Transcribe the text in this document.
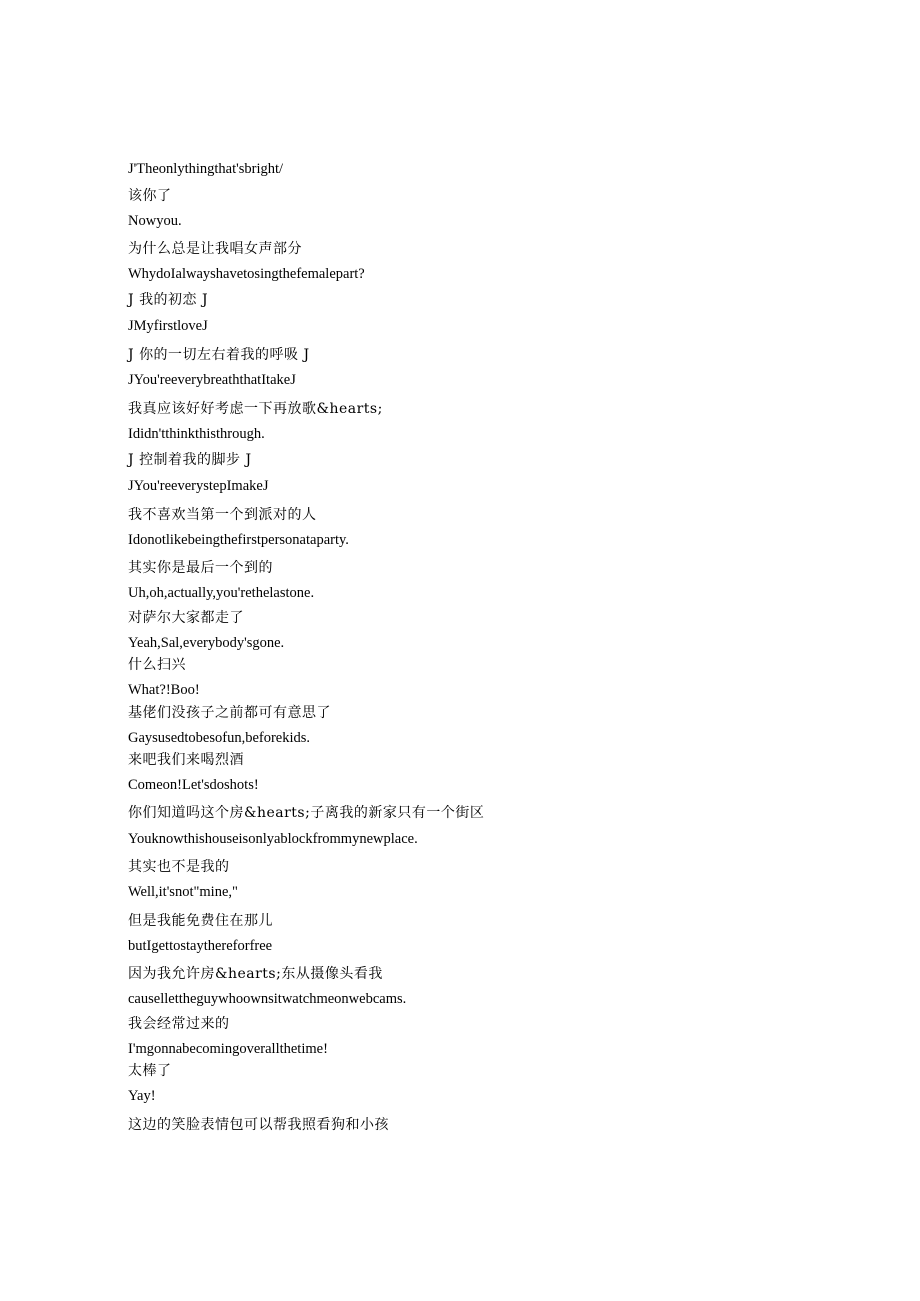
J'Theonlythingthat'sbright/
该你了
Nowyou.
为什么总是让我唱女声部分
WhydoIalwayshavetosingthefemalepart?
J 我的初恋 J
JMyfirstloveJ
J 你的一切左右着我的呼吸 J
JYou'reeverybreaththatItakeJ
我真应该好好考虑一下再放歌&hearts;
Ididn'tthinkthisthrough.
J 控制着我的脚步 J
JYou'reeverystepImakeJ
我不喜欢当第一个到派对的人
Idonotlikebeingthefirstpersonataparty.
其实你是最后一个到的
Uh,oh,actually,you'rethelastone.
对萨尔大家都走了
Yeah,Sal,everybody'sgone.
什么扫兴
What?!Boo!
基佬们没孩子之前都可有意思了
Gaysusedtobesofun,beforekids.
来吧我们来喝烈酒
Comeon!Let'sdoshots!
你们知道吗这个房&hearts;子离我的新家只有一个街区
Youknowthishouseisonlyablockfrommynewplace.
其实也不是我的
Well,it'snot"mine,"
但是我能免费住在那儿
butIgettostaythereforfree
因为我允许房&hearts;东从摄像头看我
causellettheguywhoownsitwatchmeonwebcams.
我会经常过来的
I'mgonnabecomingoverallthetime!
太棒了
Yay!
这边的笑脸表情包可以帮我照看狗和小孩
